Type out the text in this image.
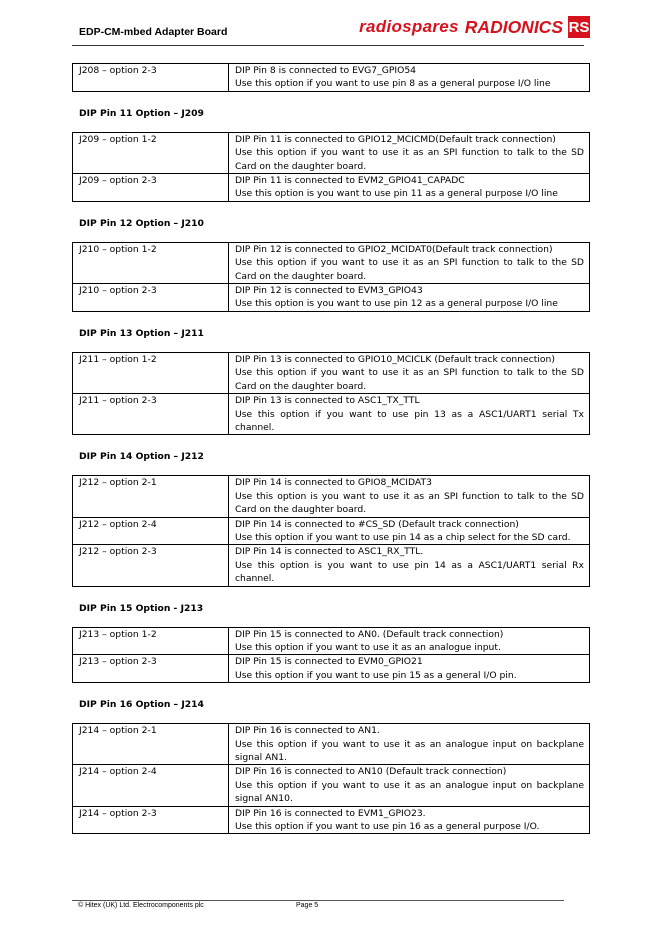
EDP-CM-mbed Adapter Board	radiospares RADIONICS RS
J208 – option 2-3	DIP Pin 8 is connected to EVG7_GPIO54
Use this option if you want to use pin 8 as a general purpose I/O line
DIP Pin 11 Option – J209
J209 – option 1-2	DIP Pin 11 is connected to GPIO12_MCICMD(Default track connection)
Use this option if you want to use it as an SPI function to talk to the SD Card on the daughter board.

J209 – option 2-3	DIP Pin 11 is connected to EVM2_GPIO41_CAPADC
Use this option is you want to use pin 11 as a general purpose I/O line
DIP Pin 12 Option – J210
J210 – option 1-2	DIP Pin 12 is connected to GPIO2_MCIDAT0(Default track connection)
Use this option if you want to use it as an SPI function to talk to the SD Card on the daughter board.

J210 – option 2-3	DIP Pin 12 is connected to EVM3_GPIO43
Use this option is you want to use pin 12 as a general purpose I/O line
DIP Pin 13 Option – J211
J211 – option 1-2	DIP Pin 13 is connected to GPIO10_MCICLK (Default track connection)
Use this option if you want to use it as an SPI function to talk to the SD Card on the daughter board.

J211 – option 2-3	DIP Pin 13 is connected to ASC1_TX_TTL
Use this option if you want to use pin 13 as a ASC1/UART1 serial Tx channel.
DIP Pin 14 Option – J212
J212 – option 2-1	DIP Pin 14 is connected to GPIO8_MCIDAT3
Use this option is you want to use it as an SPI function to talk to the SD Card on the daughter board.

J212 – option 2-4	DIP Pin 14 is connected to #CS_SD (Default track connection)
Use this option if you want to use pin 14 as a chip select for the SD card.

J212 – option 2-3	DIP Pin 14 is connected to ASC1_RX_TTL.
Use this option is you want to use pin 14 as a ASC1/UART1 serial Rx channel.
DIP Pin 15 Option - J213
J213 – option 1-2	DIP Pin 15 is connected to AN0. (Default track connection)
Use this option if you want to use it as an analogue input.

J213 – option 2-3	DIP Pin 15 is connected to EVM0_GPIO21
Use this option if you want to use pin 15 as a general I/O pin.
DIP Pin 16 Option – J214
J214 – option 2-1	DIP Pin 16 is connected to AN1.
Use this option if you want to use it as an analogue input on backplane signal AN1.

J214 – option 2-4	DIP Pin 16 is connected to AN10 (Default track connection)
Use this option if you want to use it as an analogue input on backplane signal AN10.

J214 – option 2-3	DIP Pin 16 is connected to EVM1_GPIO23.
Use this option if you want to use pin 16 as a general purpose I/O.
© Hitex (UK) Ltd. Electrocomponents plc	Page 5
